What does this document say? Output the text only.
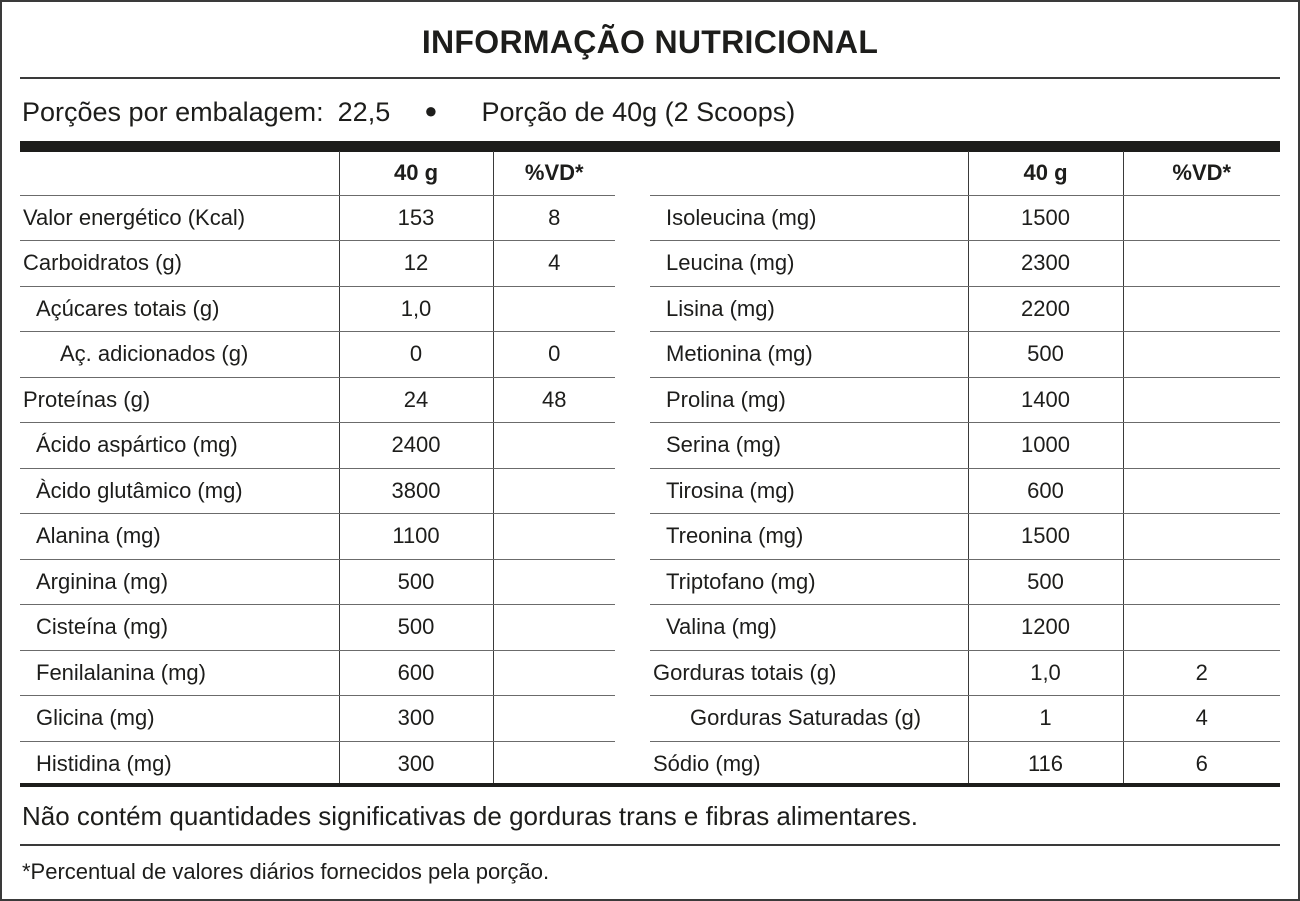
INFORMAÇÃO NUTRICIONAL
Porções por embalagem: 22,5 ● Porção de 40g (2 Scoops)
	40 g	%VD*
Valor energético (Kcal)	153	8
Carboidratos (g)	12	4
Açúcares totais (g)	1,0	
Aç. adicionados (g)	0	0
Proteínas (g)	24	48
Ácido aspártico (mg)	2400	
Àcido glutâmico (mg)	3800	
Alanina (mg)	1100	
Arginina (mg)	500	
Cisteína (mg)	500	
Fenilalanina (mg)	600	
Glicina (mg)	300	
Histidina (mg)	300	
	40 g	%VD*
Isoleucina (mg)	1500	
Leucina (mg)	2300	
Lisina (mg)	2200	
Metionina (mg)	500	
Prolina (mg)	1400	
Serina (mg)	1000	
Tirosina (mg)	600	
Treonina (mg)	1500	
Triptofano (mg)	500	
Valina (mg)	1200	
Gorduras totais (g)	1,0	2
Gorduras Saturadas (g)	1	4
Sódio (mg)	116	6
Não contém quantidades significativas de gorduras trans e fibras alimentares.
*Percentual de valores diários fornecidos pela porção.
